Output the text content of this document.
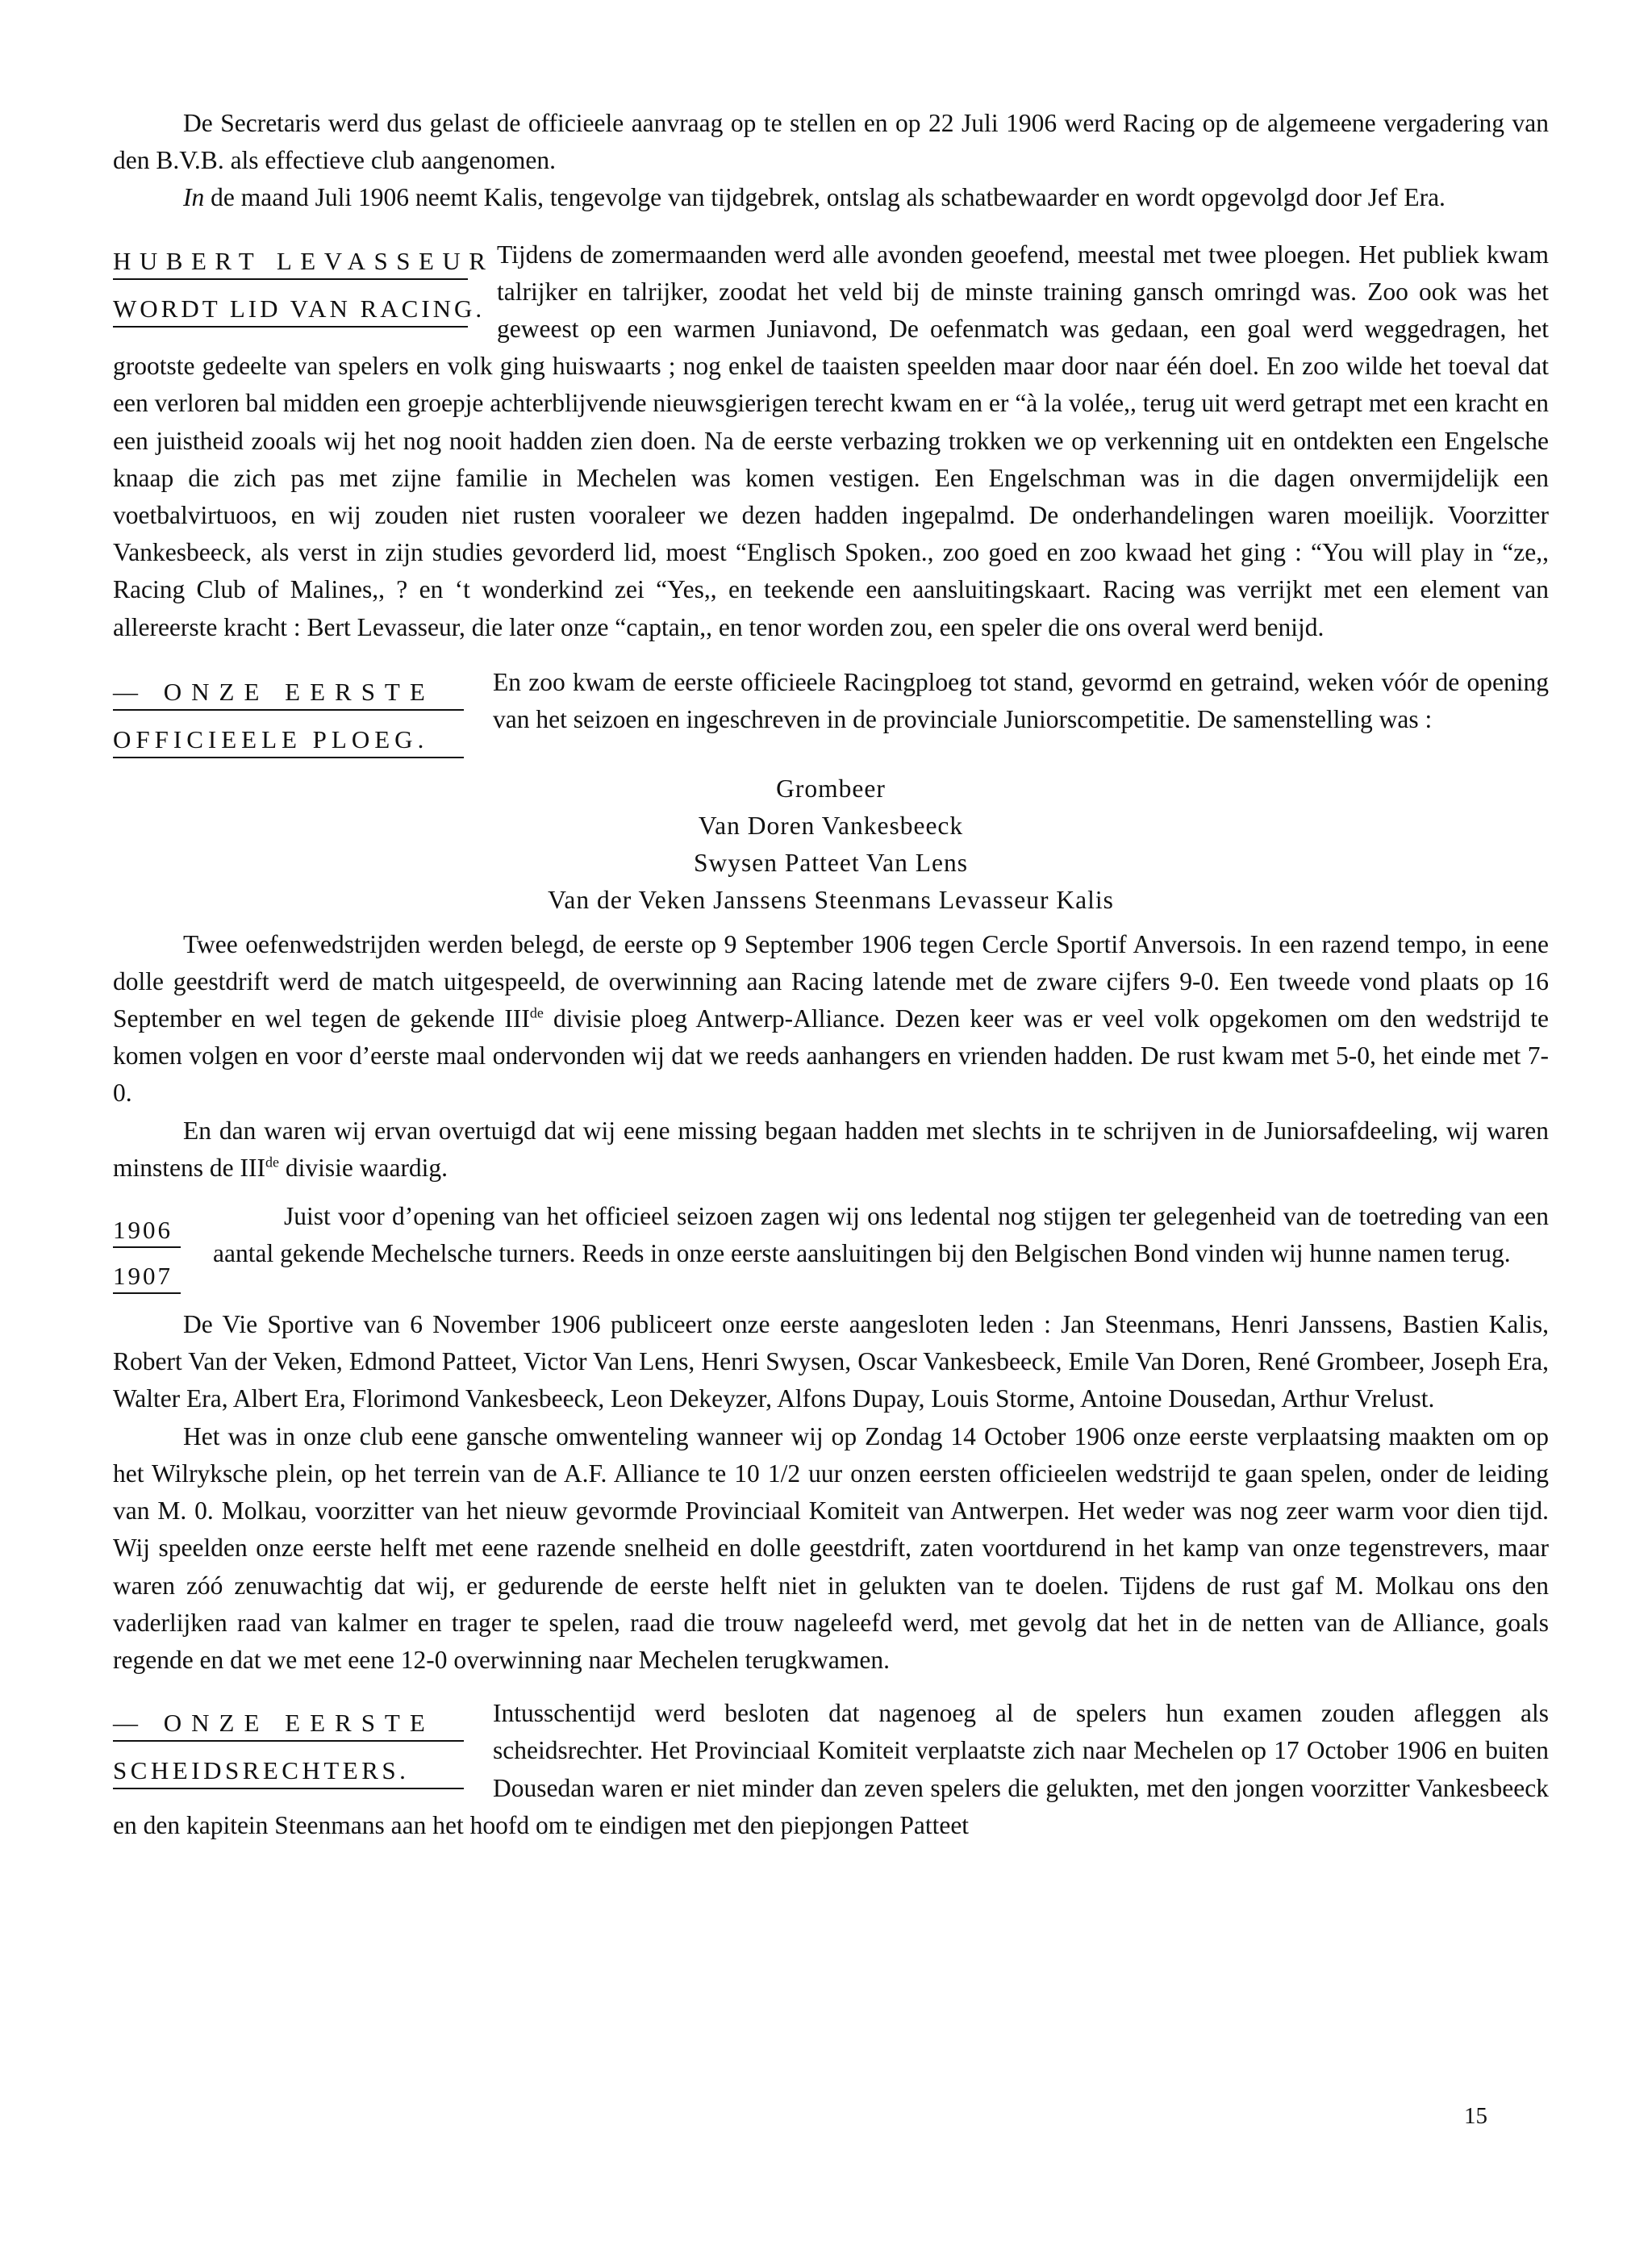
De Secretaris werd dus gelast de officieele aanvraag op te stellen en op 22 Juli 1906 werd Racing op de algemeene vergadering van den B.V.B. als effectieve club aangenomen.

In de maand Juli 1906 neemt Kalis, tengevolge van tijdgebrek, ontslag als schatbewaarder en wordt opgevolgd door Jef Era.

HUBERT LEVASSEUR
WORDT LID VAN RACING.

Tijdens de zomermaanden werd alle avonden geoefend, meestal met twee ploegen. Het publiek kwam talrijker en talrijker, zoodat het veld bij de minste training gansch omringd was. Zoo ook was het geweest op een warmen Juniavond, De oefenmatch was gedaan, een goal werd weggedragen, het grootste gedeelte van spelers en volk ging huiswaarts ; nog enkel de taaisten speelden maar door naar één doel. En zoo wilde het toeval dat een verloren bal midden een groepje achterblijvende nieuwsgierigen terecht kwam en er “à la volée,, terug uit werd getrapt met een kracht en een juistheid zooals wij het nog nooit hadden zien doen. Na de eerste verbazing trokken we op verkenning uit en ontdekten een Engelsche knaap die zich pas met zijne familie in Mechelen was komen vestigen. Een Engelschman was in die dagen onvermijdelijk een voetbalvirtuoos, en wij zouden niet rusten vooraleer we dezen hadden ingepalmd. De onderhandelingen waren moeilijk. Voorzitter Vankesbeeck, als verst in zijn studies gevorderd lid, moest “Englisch Spoken., zoo goed en zoo kwaad het ging : “You will play in “ze,, Racing Club of Malines,, ? en ‘t wonderkind zei “Yes,, en teekende een aansluitingskaart. Racing was verrijkt met een element van allereerste kracht : Bert Levasseur, die later onze “captain,, en tenor worden zou, een speler die ons overal werd benijd.

— ONZE EERSTE
OFFICIEELE PLOEG.

En zoo kwam de eerste officieele Racingploeg tot stand, gevormd en getraind, weken vóór de opening van het seizoen en ingeschreven in de provinciale Juniorscompetitie. De samenstelling was :

Grombeer
Van Doren Vankesbeeck
Swysen Patteet Van Lens
Van der Veken Janssens Steenmans Levasseur Kalis

Twee oefenwedstrijden werden belegd, de eerste op 9 September 1906 tegen Cercle Sportif Anversois. In een razend tempo, in eene dolle geestdrift werd de match uitgespeeld, de overwinning aan Racing latende met de zware cijfers 9-0. Een tweede vond plaats op 16 September en wel tegen de gekende IIIde divisie ploeg Antwerp-Alliance. Dezen keer was er veel volk opgekomen om den wedstrijd te komen volgen en voor d’eerste maal ondervonden wij dat we reeds aanhangers en vrienden hadden. De rust kwam met 5-0, het einde met 7-0.

En dan waren wij ervan overtuigd dat wij eene missing begaan hadden met slechts in te schrijven in de Juniorsafdeeling, wij waren minstens de IIIde divisie waardig.

1906
1907

Juist voor d’opening van het officieel seizoen zagen wij ons ledental nog stijgen ter gelegenheid van de toetreding van een aantal gekende Mechelsche turners. Reeds in onze eerste aansluitingen bij den Belgischen Bond vinden wij hunne namen terug.

De Vie Sportive van 6 November 1906 publiceert onze eerste aangesloten leden : Jan Steenmans, Henri Janssens, Bastien Kalis, Robert Van der Veken, Edmond Patteet, Victor Van Lens, Henri Swysen, Oscar Vankesbeeck, Emile Van Doren, René Grombeer, Joseph Era, Walter Era, Albert Era, Florimond Vankesbeeck, Leon Dekeyzer, Alfons Dupay, Louis Storme, Antoine Dousedan, Arthur Vrelust.

Het was in onze club eene gansche omwenteling wanneer wij op Zondag 14 October 1906 onze eerste verplaatsing maakten om op het Wilryksche plein, op het terrein van de A.F. Alliance te 10 1/2 uur onzen eersten officieelen wedstrijd te gaan spelen, onder de leiding van M. 0. Molkau, voorzitter van het nieuw gevormde Provinciaal Komiteit van Antwerpen. Het weder was nog zeer warm voor dien tijd. Wij speelden onze eerste helft met eene razende snelheid en dolle geestdrift, zaten voortdurend in het kamp van onze tegenstrevers, maar waren zóó zenuwachtig dat wij, er gedurende de eerste helft niet in gelukten van te doelen. Tijdens de rust gaf M. Molkau ons den vaderlijken raad van kalmer en trager te spelen, raad die trouw nageleefd werd, met gevolg dat het in de netten van de Alliance, goals regende en dat we met eene 12-0 overwinning naar Mechelen terugkwamen.

— ONZE EERSTE
SCHEIDSRECHTERS.

Intusschentijd werd besloten dat nagenoeg al de spelers hun examen zouden afleggen als scheidsrechter. Het Provinciaal Komiteit verplaatste zich naar Mechelen op 17 October 1906 en buiten Dousedan waren er niet minder dan zeven spelers die gelukten, met den jongen voorzitter Vankesbeeck en den kapitein Steenmans aan het hoofd om te eindigen met den piepjongen Patteet

15
